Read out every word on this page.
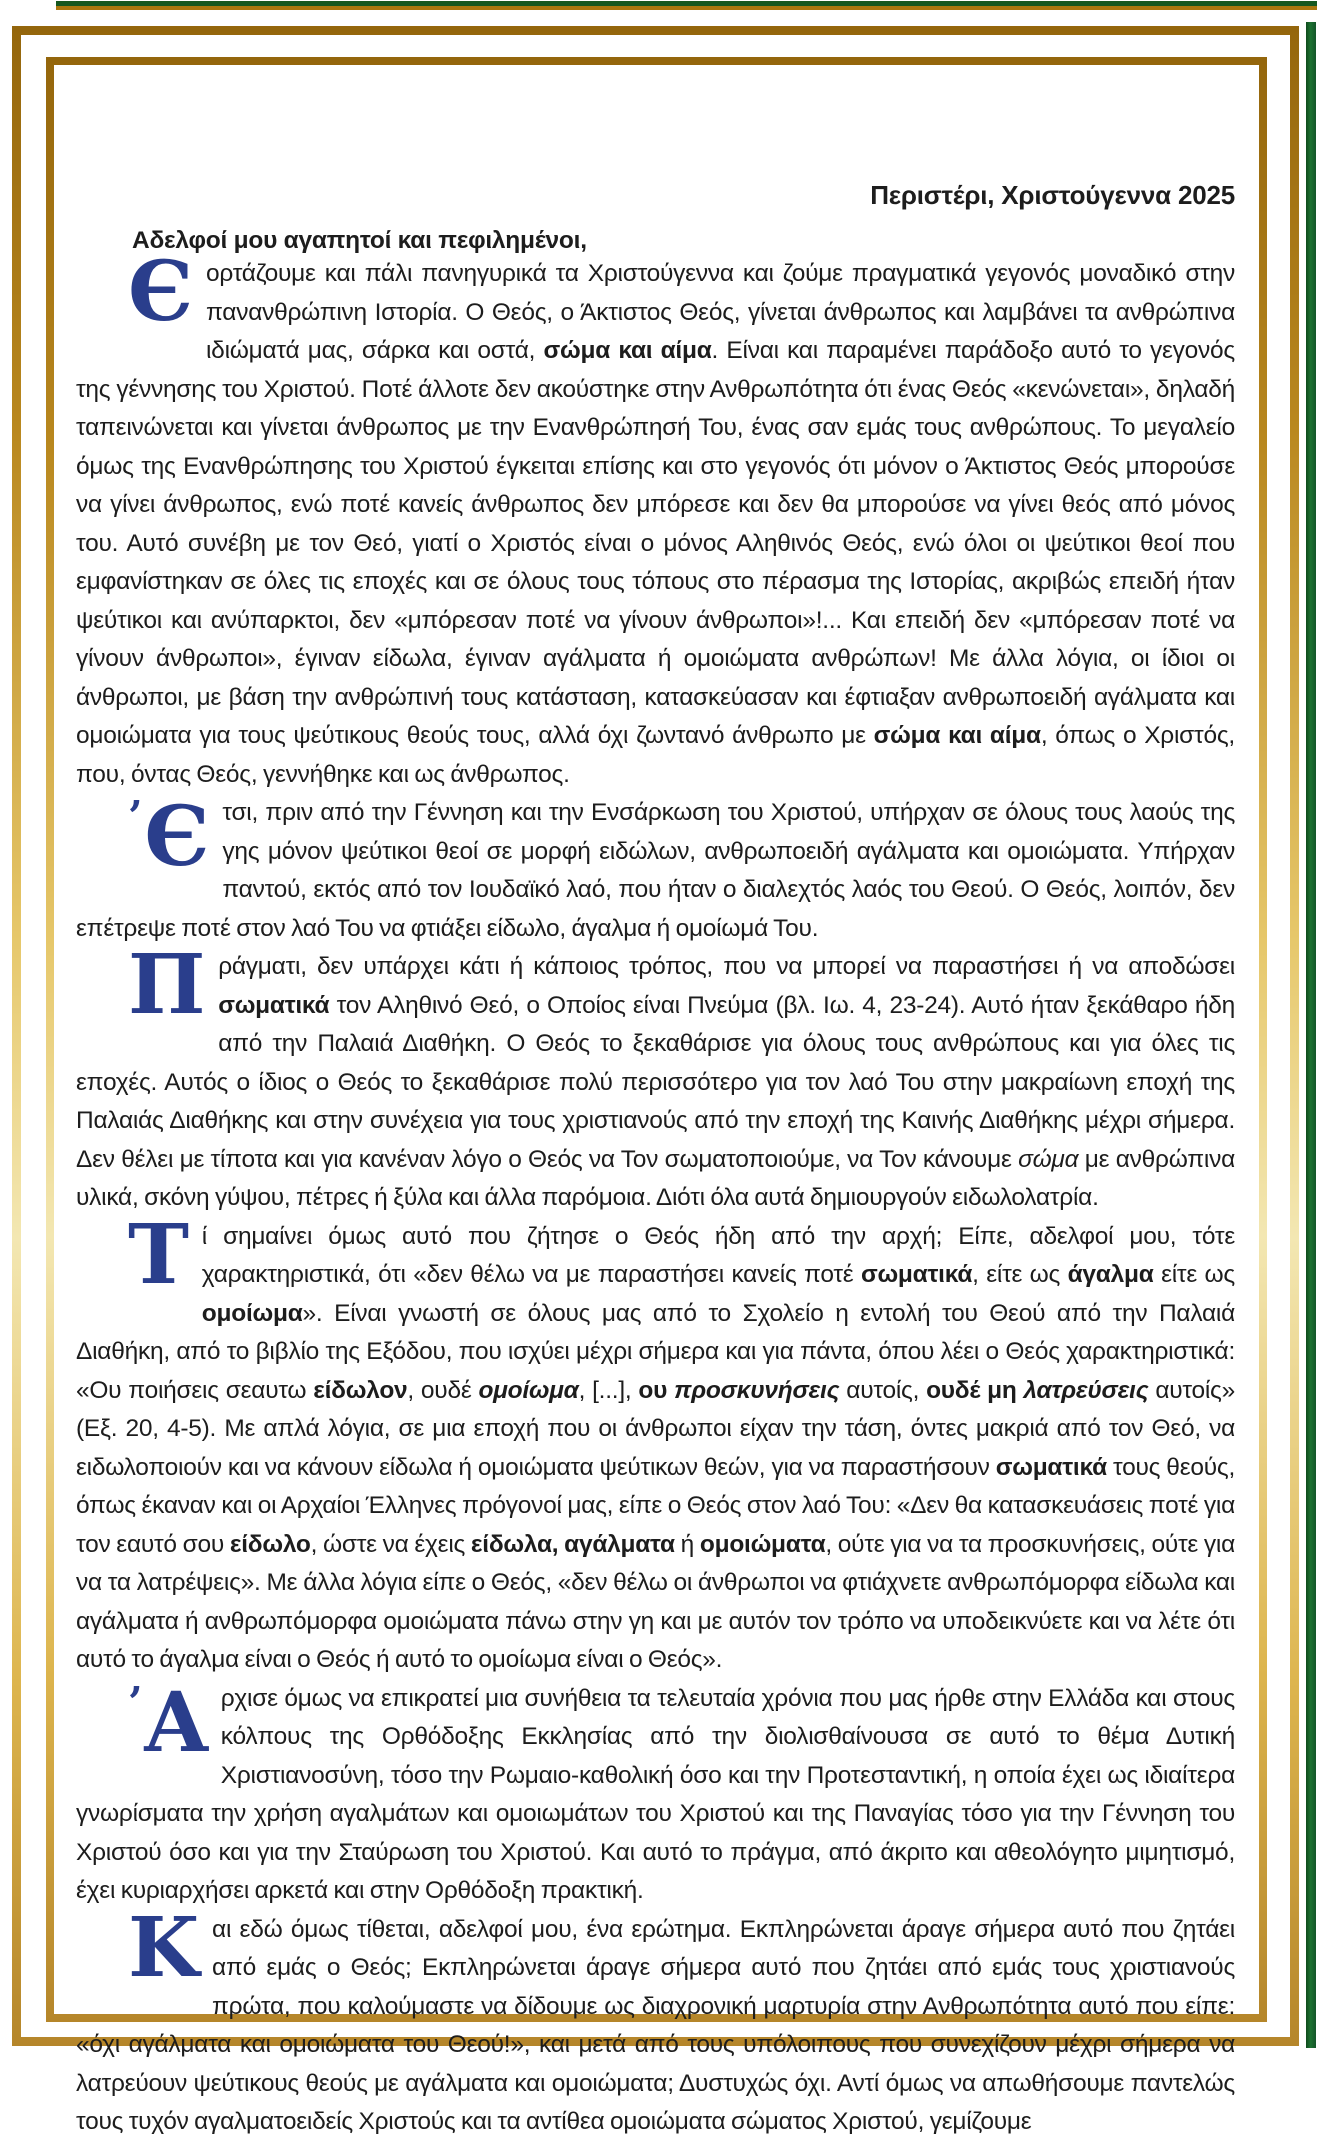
Περιστέρι, Χριστούγεννα 2025
Αδελφοί μου αγαπητοί και πεφιλημένοι,

Єορτάζουμε και πάλι πανηγυρικά τα Χριστούγεννα και ζούμε πραγματικά γεγονός μοναδικό στην πανανθρώπινη Ιστορία. Ο Θεός, ο Άκτιστος Θεός, γίνεται άνθρωπος και λαμβάνει τα ανθρώπινα ιδιώματά μας, σάρκα και οστά, σώμα και αίμα. Είναι και παραμένει παράδοξο αυτό το γεγονός της γέννησης του Χριστού. Ποτέ άλλοτε δεν ακούστηκε στην Ανθρωπότητα ότι ένας Θεός «κενώνεται», δηλαδή ταπεινώνεται και γίνεται άνθρωπος με την Ενανθρώπησή Του, ένας σαν εμάς τους ανθρώπους. Το μεγαλείο όμως της Ενανθρώπησης του Χριστού έγκειται επίσης και στο γεγονός ότι μόνον ο Άκτιστος Θεός μπορούσε να γίνει άνθρωπος, ενώ ποτέ κανείς άνθρωπος δεν μπόρεσε και δεν θα μπορούσε να γίνει θεός από μόνος του. Αυτό συνέβη με τον Θεό, γιατί ο Χριστός είναι ο μόνος Αληθινός Θεός, ενώ όλοι οι ψεύτικοι θεοί που εμφανίστηκαν σε όλες τις εποχές και σε όλους τους τόπους στο πέρασμα της Ιστορίας, ακριβώς επειδή ήταν ψεύτικοι και ανύπαρκτοι, δεν «μπόρεσαν ποτέ να γίνουν άνθρωποι»!... Και επειδή δεν «μπόρεσαν ποτέ να γίνουν άνθρωποι», έγιναν είδωλα, έγιναν αγάλματα ή ομοιώματα ανθρώπων! Με άλλα λόγια, οι ίδιοι οι άνθρωποι, με βάση την ανθρώπινή τους κατάσταση, κατασκεύασαν και έφτιαξαν ανθρωποειδή αγάλματα και ομοιώματα για τους ψεύτικους θεούς τους, αλλά όχι ζωντανό άνθρωπο με σώμα και αίμα, όπως ο Χριστός, που, όντας Θεός, γεννήθηκε και ως άνθρωπος.

’Є τσι, πριν από την Γέννηση και την Ενσάρκωση του Χριστού, υπήρχαν σε όλους τους λαούς της γης μόνον ψεύτικοι θεοί σε μορφή ειδώλων, ανθρωποειδή αγάλματα και ομοιώματα. Υπήρχαν παντού, εκτός από τον Ιουδαϊκό λαό, που ήταν ο διαλεχτός λαός του Θεού. Ο Θεός, λοιπόν, δεν επέτρεψε ποτέ στον λαό Του να φτιάξει είδωλο, άγαλμα ή ομοίωμά Του.

Πράγματι, δεν υπάρχει κάτι ή κάποιος τρόπος, που να μπορεί να παραστήσει ή να αποδώσει σωματικά τον Αληθινό Θεό, ο Οποίος είναι Πνεύμα (βλ. Ιω. 4, 23-24). Αυτό ήταν ξεκάθαρο ήδη από την Παλαιά Διαθήκη. Ο Θεός το ξεκαθάρισε για όλους τους ανθρώπους και για όλες τις εποχές. Αυτός ο ίδιος ο Θεός το ξεκαθάρισε πολύ περισσότερο για τον λαό Του στην μακραίωνη εποχή της Παλαιάς Διαθήκης και στην συνέχεια για τους χριστιανούς από την εποχή της Καινής Διαθήκης μέχρι σήμερα. Δεν θέλει με τίποτα και για κανέναν λόγο ο Θεός να Τον σωματοποιούμε, να Τον κάνουμε σώμα με ανθρώπινα υλικά, σκόνη γύψου, πέτρες ή ξύλα και άλλα παρόμοια. Διότι όλα αυτά δημιουργούν ειδωλολατρία.

Τί σημαίνει όμως αυτό που ζήτησε ο Θεός ήδη από την αρχή; Είπε, αδελφοί μου, τότε χαρακτηριστικά, ότι «δεν θέλω να με παραστήσει κανείς ποτέ σωματικά, είτε ως άγαλμα είτε ως ομοίωμα». Είναι γνωστή σε όλους μας από το Σχολείο η εντολή του Θεού από την Παλαιά Διαθήκη, από το βιβλίο της Εξόδου, που ισχύει μέχρι σήμερα και για πάντα, όπου λέει ο Θεός χαρακτηριστικά: «Ου ποιήσεις σεαυτω είδωλον, ουδέ ομοίωμα, [...], ου προσκυνήσεις αυτοίς, ουδέ μη λατρεύσεις αυτοίς» (Εξ. 20, 4-5). Με απλά λόγια, σε μια εποχή που οι άνθρωποι είχαν την τάση, όντες μακριά από τον Θεό, να ειδωλοποιούν και να κάνουν είδωλα ή ομοιώματα ψεύτικων θεών, για να παραστήσουν σωματικά τους θεούς, όπως έκαναν και οι Αρχαίοι Έλληνες πρόγονοί μας, είπε ο Θεός στον λαό Του: «Δεν θα κατασκευάσεις ποτέ για τον εαυτό σου είδωλο, ώστε να έχεις είδωλα, αγάλματα ή ομοιώματα, ούτε για να τα προσκυνήσεις, ούτε για να τα λατρέψεις». Με άλλα λόγια είπε ο Θεός, «δεν θέλω οι άνθρωποι να φτιάχνετε ανθρωπόμορφα είδωλα και αγάλματα ή ανθρωπόμορφα ομοιώματα πάνω στην γη και με αυτόν τον τρόπο να υποδεικνύετε και να λέτε ότι αυτό το άγαλμα είναι ο Θεός ή αυτό το ομοίωμα είναι ο Θεός».

’Α ρχισε όμως να επικρατεί μια συνήθεια τα τελευταία χρόνια που μας ήρθε στην Ελλάδα και στους κόλπους της Ορθόδοξης Εκκλησίας από την διολισθαίνουσα σε αυτό το θέμα Δυτική Χριστιανοσύνη, τόσο την Ρωμαιο-καθολική όσο και την Προτεσταντική, η οποία έχει ως ιδιαίτερα γνωρίσματα την χρήση αγαλμάτων και ομοιωμάτων του Χριστού και της Παναγίας τόσο για την Γέννηση του Χριστού όσο και για την Σταύρωση του Χριστού. Και αυτό το πράγμα, από άκριτο και αθεολόγητο μιμητισμό, έχει κυριαρχήσει αρκετά και στην Ορθόδοξη πρακτική.

Και εδώ όμως τίθεται, αδελφοί μου, ένα ερώτημα. Εκπληρώνεται άραγε σήμερα αυτό που ζητάει από εμάς ο Θεός; Εκπληρώνεται άραγε σήμερα αυτό που ζητάει από εμάς τους χριστιανούς πρώτα, που καλούμαστε να δίδουμε ως διαχρονική μαρτυρία στην Ανθρωπότητα αυτό που είπε: «όχι αγάλματα και ομοιώματα του Θεού!», και μετά από τους υπόλοιπους που συνεχίζουν μέχρι σήμερα να λατρεύουν ψεύτικους θεούς με αγάλματα και ομοιώματα; Δυστυχώς όχι. Αντί όμως να απωθήσουμε παντελώς τους τυχόν αγαλματοειδείς Χριστούς και τα αντίθεα ομοιώματα σώματος Χριστού, γεμίζουμε
